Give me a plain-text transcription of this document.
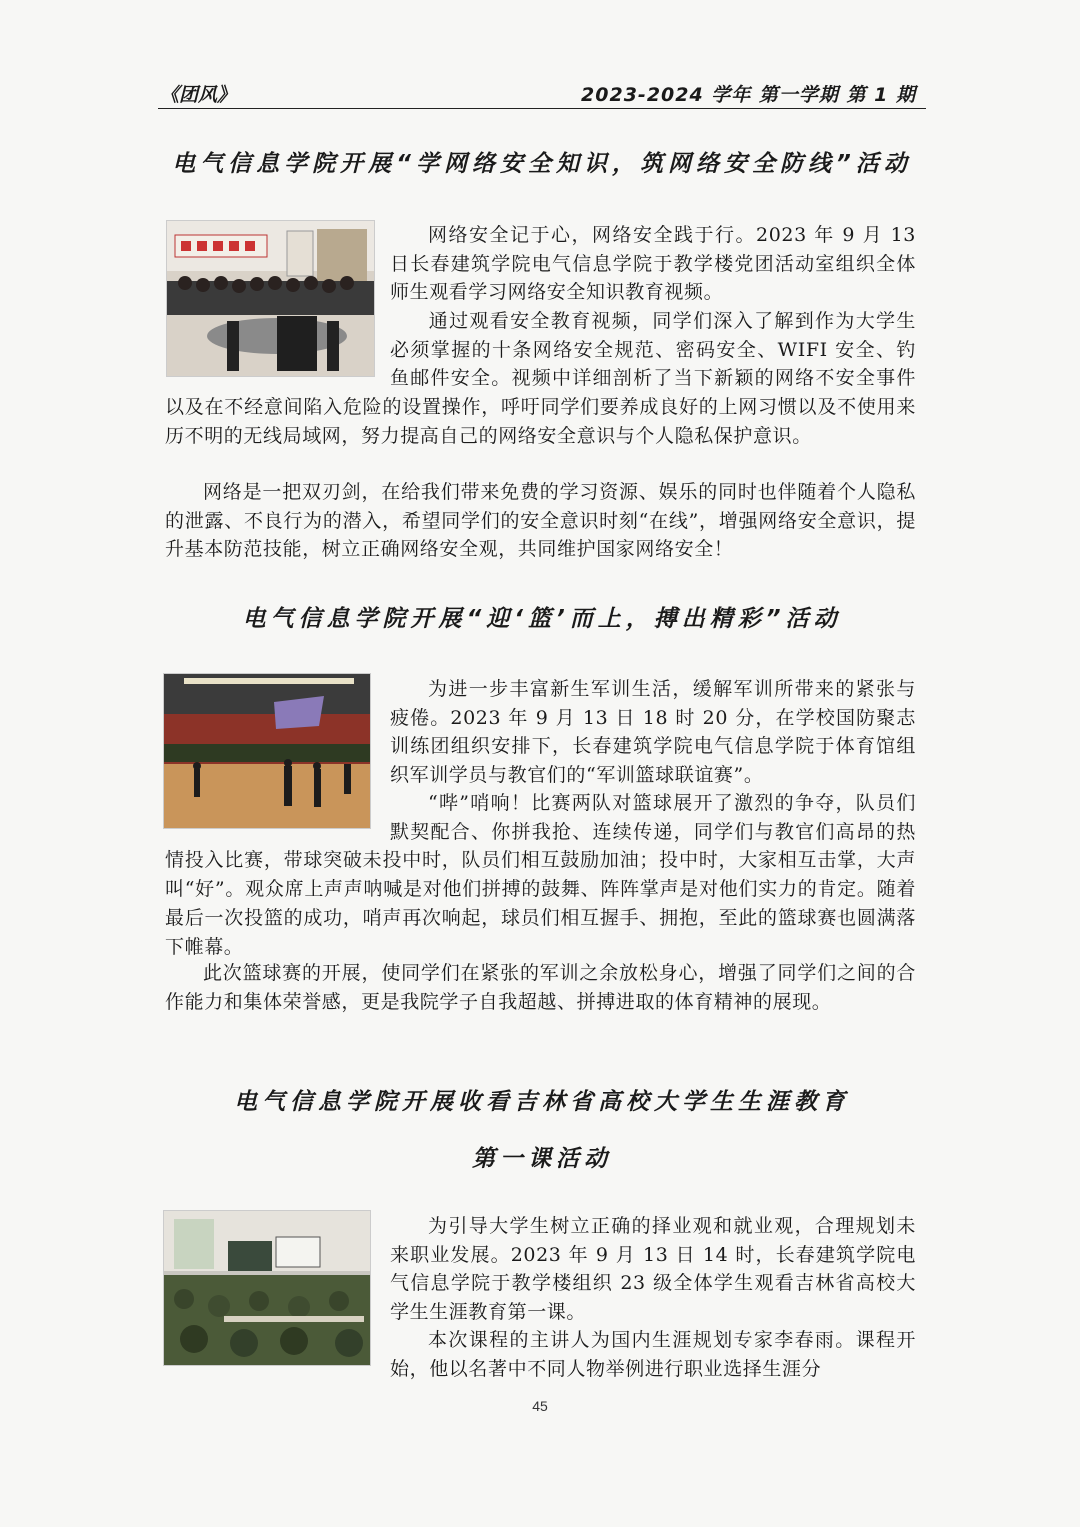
《团风》	2023-2024 学年 第一学期 第 1 期
电气信息学院开展“学网络安全知识，筑网络安全防线”活动

网络安全记于心，网络安全践于行。2023 年 9 月 13 日长春建筑学院电气信息学院于教学楼党团活动室组织全体师生观看学习网络安全知识教育视频。

通过观看安全教育视频，同学们深入了解到作为大学生必须掌握的十条网络安全规范、密码安全、WIFI 安全、钓鱼邮件安全。视频中详细剖析了当下新颖的网络不安全事件以及在不经意间陷入危险的设置操作，呼吁同学们要养成良好的上网习惯以及不使用来历不明的无线局域网，努力提高自己的网络安全意识与个人隐私保护意识。

网络是一把双刃剑，在给我们带来免费的学习资源、娱乐的同时也伴随着个人隐私的泄露、不良行为的潜入，希望同学们的安全意识时刻“在线”，增强网络安全意识，提升基本防范技能，树立正确网络安全观，共同维护国家网络安全！

电气信息学院开展“迎‘篮’而上，搏出精彩”活动

为进一步丰富新生军训生活，缓解军训所带来的紧张与疲倦。2023 年 9 月 13 日 18 时 20 分，在学校国防聚志训练团组织安排下，长春建筑学院电气信息学院于体育馆组织军训学员与教官们的“军训篮球联谊赛”。

“哔”哨响！比赛两队对篮球展开了激烈的争夺，队员们默契配合、你拼我抢、连续传递，同学们与教官们高昂的热情投入比赛，带球突破未投中时，队员们相互鼓励加油；投中时，大家相互击掌，大声叫“好”。观众席上声声呐喊是对他们拼搏的鼓舞、阵阵掌声是对他们实力的肯定。随着最后一次投篮的成功，哨声再次响起，球员们相互握手、拥抱，至此的篮球赛也圆满落下帷幕。

此次篮球赛的开展，使同学们在紧张的军训之余放松身心，增强了同学们之间的合作能力和集体荣誉感，更是我院学子自我超越、拼搏进取的体育精神的展现。

电气信息学院开展收看吉林省高校大学生生涯教育
第一课活动

为引导大学生树立正确的择业观和就业观，合理规划未来职业发展。2023 年 9 月 13 日 14 时，长春建筑学院电气信息学院于教学楼组织 23 级全体学生观看吉林省高校大学生生涯教育第一课。

本次课程的主讲人为国内生涯规划专家李春雨。课程开始，他以名著中不同人物举例进行职业选择生涯分

45
